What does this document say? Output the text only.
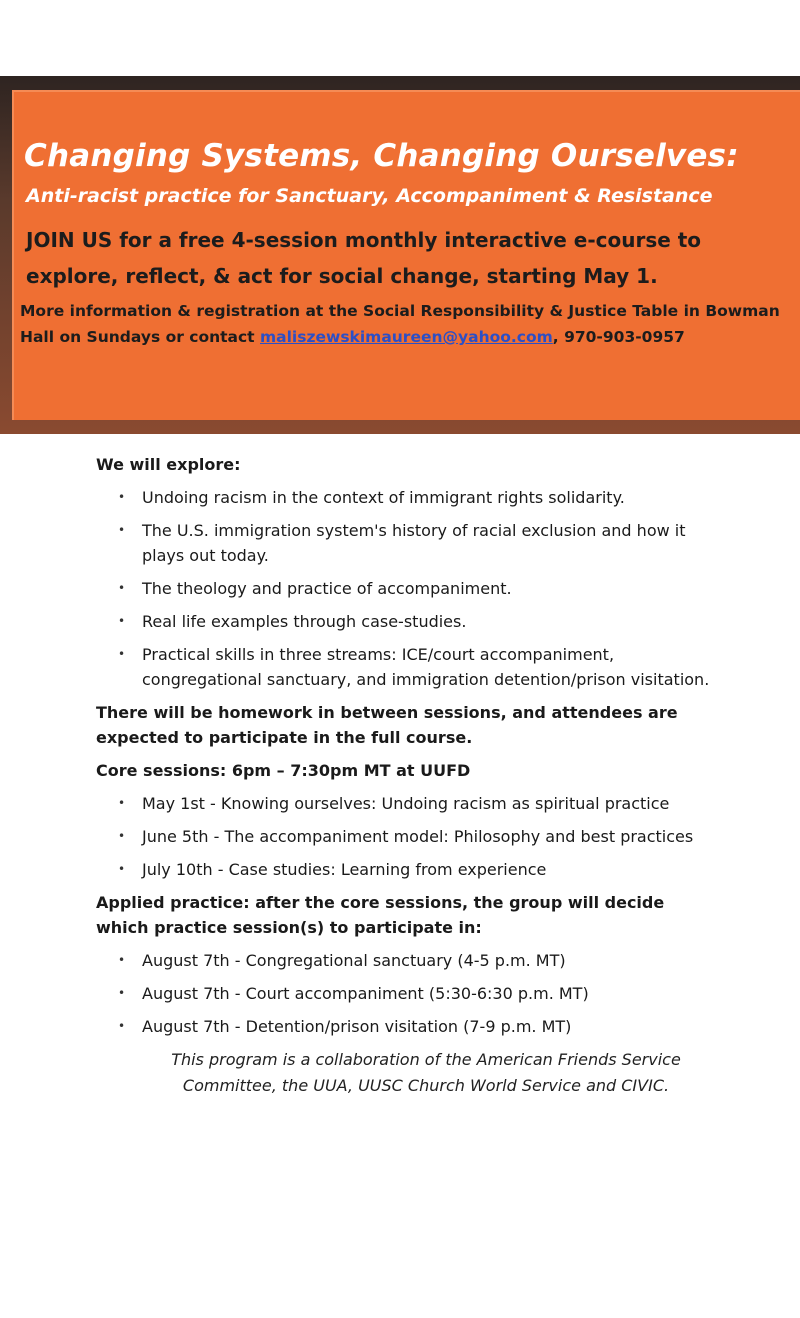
Changing Systems, Changing Ourselves:
Anti-racist practice for Sanctuary, Accompaniment & Resistance
JOIN US for a free 4-session monthly interactive e-course to
explore, reflect, & act for social change, starting May 1.
More information & registration at the Social Responsibility & Justice Table in Bowman Hall on Sundays or contact maliszewskimaureen@yahoo.com, 970-903-0957
We will explore:
• Undoing racism in the context of immigrant rights solidarity.
• The U.S. immigration system's history of racial exclusion and how it plays out today.
• The theology and practice of accompaniment.
• Real life examples through case-studies.
• Practical skills in three streams: ICE/court accompaniment, congregational sanctuary, and immigration detention/prison visitation.
There will be homework in between sessions, and attendees are expected to participate in the full course.
Core sessions: 6pm – 7:30pm MT at UUFD
• May 1st - Knowing ourselves: Undoing racism as spiritual practice
• June 5th - The accompaniment model: Philosophy and best practices
• July 10th - Case studies: Learning from experience
Applied practice: after the core sessions, the group will decide which practice session(s) to participate in:
• August 7th - Congregational sanctuary (4-5 p.m. MT)
• August 7th - Court accompaniment (5:30-6:30 p.m. MT)
• August 7th - Detention/prison visitation (7-9 p.m. MT)
This program is a collaboration of the American Friends Service Committee, the UUA, UUSC Church World Service and CIVIC.
